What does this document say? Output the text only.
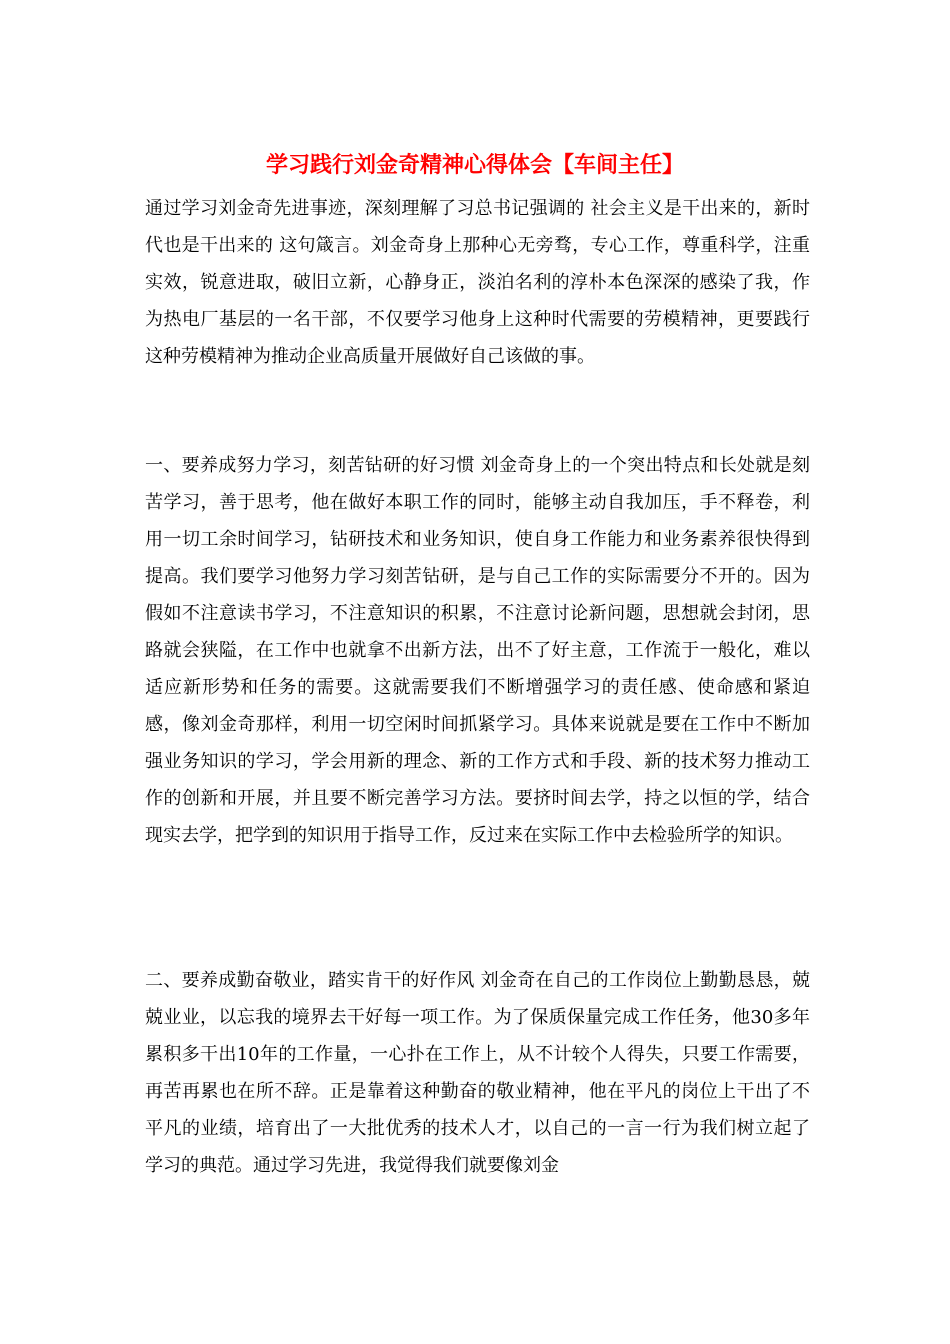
学习践行刘金奇精神心得体会【车间主任】

通过学习刘金奇先进事迹，深刻理解了习总书记强调的 社会主义是干出来的，新时代也是干出来的 这句箴言。刘金奇身上那种心无旁骛，专心工作，尊重科学，注重实效，锐意进取，破旧立新，心静身正，淡泊名利的淳朴本色深深的感染了我，作为热电厂基层的一名干部，不仅要学习他身上这种时代需要的劳模精神，更要践行这种劳模精神为推动企业高质量开展做好自己该做的事。

一、要养成努力学习，刻苦钻研的好习惯 刘金奇身上的一个突出特点和长处就是刻苦学习，善于思考，他在做好本职工作的同时，能够主动自我加压，手不释卷，利用一切工余时间学习，钻研技术和业务知识，使自身工作能力和业务素养很快得到提高。我们要学习他努力学习刻苦钻研，是与自己工作的实际需要分不开的。因为假如不注意读书学习，不注意知识的积累，不注意讨论新问题，思想就会封闭，思路就会狭隘，在工作中也就拿不出新方法，出不了好主意，工作流于一般化，难以适应新形势和任务的需要。这就需要我们不断增强学习的责任感、使命感和紧迫感，像刘金奇那样，利用一切空闲时间抓紧学习。具体来说就是要在工作中不断加强业务知识的学习，学会用新的理念、新的工作方式和手段、新的技术努力推动工作的创新和开展，并且要不断完善学习方法。要挤时间去学，持之以恒的学，结合现实去学，把学到的知识用于指导工作，反过来在实际工作中去检验所学的知识。

二、要养成勤奋敬业，踏实肯干的好作风 刘金奇在自己的工作岗位上勤勤恳恳，兢兢业业，以忘我的境界去干好每一项工作。为了保质保量完成工作任务，他30多年累积多干出10年的工作量，一心扑在工作上，从不计较个人得失，只要工作需要，再苦再累也在所不辞。正是靠着这种勤奋的敬业精神，他在平凡的岗位上干出了不平凡的业绩，培育出了一大批优秀的技术人才，以自己的一言一行为我们树立起了学习的典范。通过学习先进，我觉得我们就要像刘金
